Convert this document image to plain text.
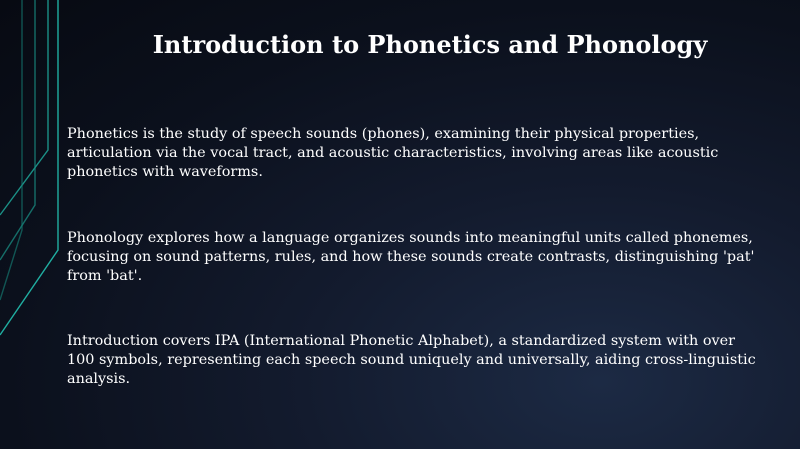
Introduction to Phonetics and Phonology

Phonetics is the study of speech sounds (phones), examining their physical properties, articulation via the vocal tract, and acoustic characteristics, involving areas like acoustic phonetics with waveforms.

Phonology explores how a language organizes sounds into meaningful units called phonemes, focusing on sound patterns, rules, and how these sounds create contrasts, distinguishing 'pat' from 'bat'.

Introduction covers IPA (International Phonetic Alphabet), a standardized system with over 100 symbols, representing each speech sound uniquely and universally, aiding cross-linguistic analysis.
